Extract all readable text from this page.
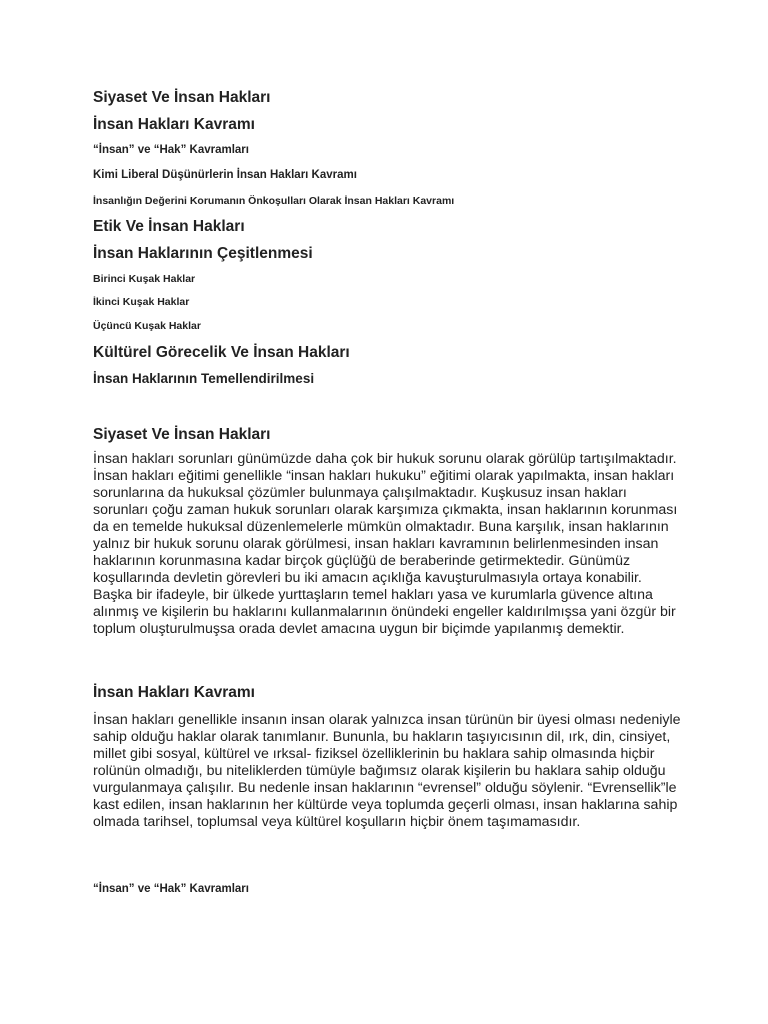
Siyaset Ve İnsan Hakları
İnsan Hakları Kavramı
“İnsan” ve “Hak” Kavramları
Kimi Liberal Düşünürlerin İnsan Hakları Kavramı
İnsanlığın Değerini Korumanın Önkoşulları Olarak İnsan Hakları Kavramı
Etik Ve İnsan Hakları
İnsan Haklarının Çeşitlenmesi
Birinci Kuşak Haklar
İkinci Kuşak Haklar
Üçüncü Kuşak Haklar
Kültürel Görecelik Ve İnsan Hakları
İnsan Haklarının Temellendirilmesi
Siyaset Ve İnsan Hakları
İnsan hakları sorunları günümüzde daha çok bir hukuk sorunu olarak görülüp tartışılmaktadır. İnsan hakları eğitimi genellikle “insan hakları hukuku” eğitimi olarak yapılmakta, insan hakları sorunlarına da hukuksal çözümler bulunmaya çalışılmaktadır. Kuşkusuz insan hakları sorunları çoğu zaman hukuk sorunları olarak karşımıza çıkmakta, insan haklarının korunması da en temelde hukuksal düzenlemelerle mümkün olmaktadır. Buna karşılık, insan haklarının yalnız bir hukuk sorunu olarak görülmesi, insan hakları kavramının belirlenmesinden insan haklarının korunmasına kadar birçok güçlüğü de beraberinde getirmektedir. Günümüz koşullarında devletin görevleri bu iki amacın açıklığa kavuşturulmasıyla ortaya konabilir. Başka bir ifadeyle, bir ülkede yurttaşların temel hakları yasa ve kurumlarla güvence altına alınmış ve kişilerin bu haklarını kullanmalarının önündeki engeller kaldırılmışsa yani özgür bir toplum oluşturulmuşsa orada devlet amacına uygun bir biçimde yapılanmış demektir.
İnsan Hakları Kavramı
İnsan hakları genellikle insanın insan olarak yalnızca insan türünün bir üyesi olması nedeniyle sahip olduğu haklar olarak tanımlanır. Bununla, bu hakların taşıyıcısının dil, ırk, din, cinsiyet, millet gibi sosyal, kültürel ve ırksal- fiziksel özelliklerinin bu haklara sahip olmasında hiçbir rolünün olmadığı, bu niteliklerden tümüyle bağımsız olarak kişilerin bu haklara sahip olduğu vurgulanmaya çalışılır. Bu nedenle insan haklarının “evrensel” olduğu söylenir. “Evrensellik”le kast edilen, insan haklarının her kültürde veya toplumda geçerli olması, insan haklarına sahip olmada tarihsel, toplumsal veya kültürel koşulların hiçbir önem taşımamasıdır.
“İnsan” ve “Hak” Kavramları
